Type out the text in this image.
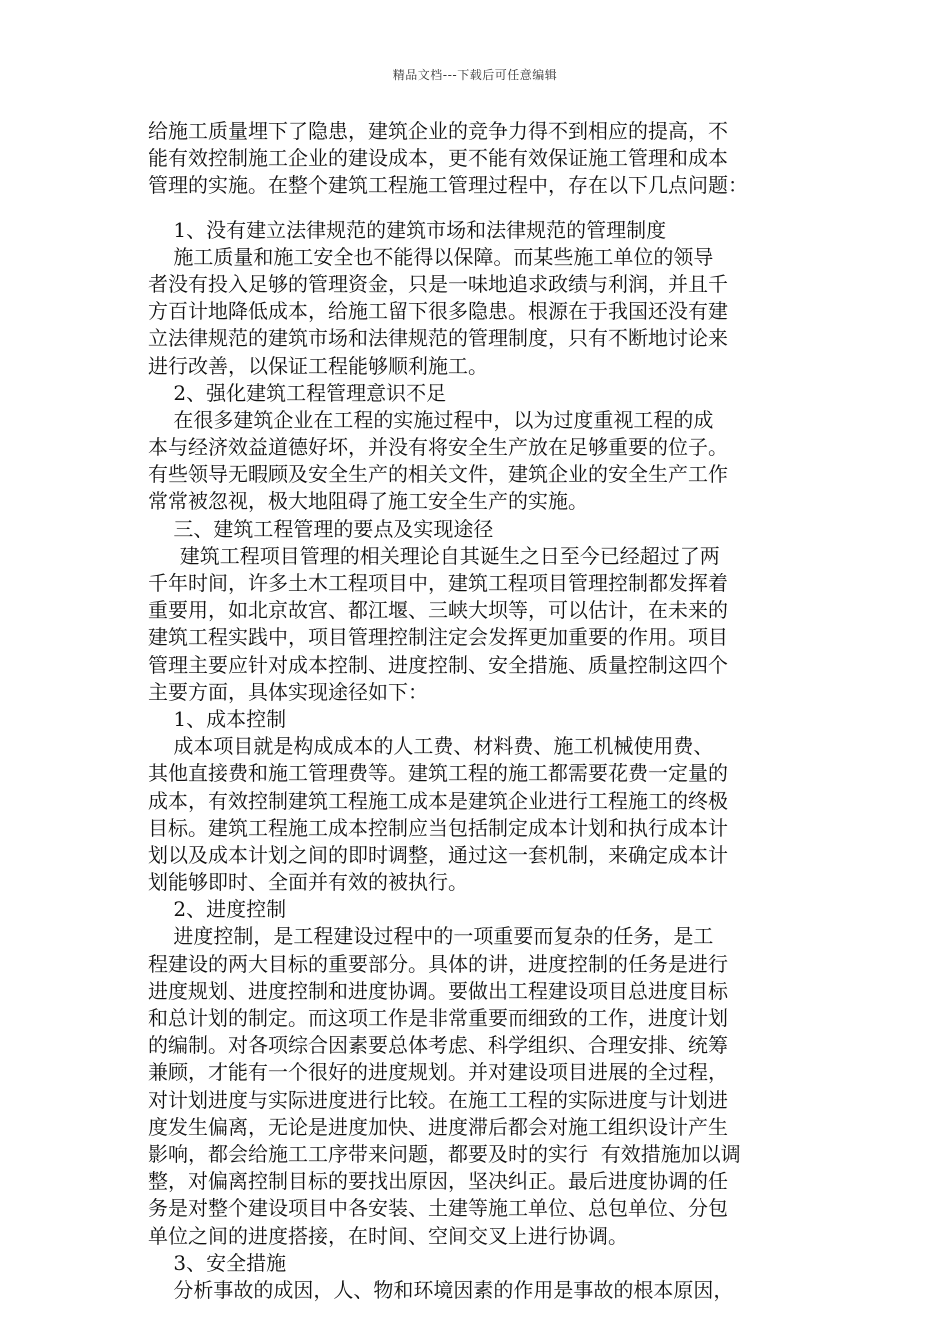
精品文档---下载后可任意编辑
给施工质量埋下了隐患，建筑企业的竞争力得不到相应的提高，不
能有效控制施工企业的建设成本，更不能有效保证施工管理和成本
管理的实施。在整个建筑工程施工管理过程中，存在以下几点问题：
1、没有建立法律规范的建筑市场和法律规范的管理制度
施工质量和施工安全也不能得以保障。而某些施工单位的领导
者没有投入足够的管理资金，只是一味地追求政绩与利润，并且千
方百计地降低成本，给施工留下很多隐患。根源在于我国还没有建
立法律规范的建筑市场和法律规范的管理制度，只有不断地讨论来
进行改善，以保证工程能够顺利施工。
2、强化建筑工程管理意识不足
在很多建筑企业在工程的实施过程中，以为过度重视工程的成
本与经济效益道德好坏，并没有将安全生产放在足够重要的位子。
有些领导无暇顾及安全生产的相关文件，建筑企业的安全生产工作
常常被忽视，极大地阻碍了施工安全生产的实施。
三、建筑工程管理的要点及实现途径
建筑工程项目管理的相关理论自其诞生之日至今已经超过了两
千年时间，许多土木工程项目中，建筑工程项目管理控制都发挥着
重要用，如北京故宫、都江堰、三峡大坝等，可以估计，在未来的
建筑工程实践中，项目管理控制注定会发挥更加重要的作用。项目
管理主要应针对成本控制、进度控制、安全措施、质量控制这四个
主要方面，具体实现途径如下：
1、成本控制
成本项目就是构成成本的人工费、材料费、施工机械使用费、
其他直接费和施工管理费等。建筑工程的施工都需要花费一定量的
成本，有效控制建筑工程施工成本是建筑企业进行工程施工的终极
目标。建筑工程施工成本控制应当包括制定成本计划和执行成本计
划以及成本计划之间的即时调整，通过这一套机制，来确定成本计
划能够即时、全面并有效的被执行。
2、进度控制
进度控制，是工程建设过程中的一项重要而复杂的任务，是工
程建设的两大目标的重要部分。具体的讲，进度控制的任务是进行
进度规划、进度控制和进度协调。要做出工程建设项目总进度目标
和总计划的制定。而这项工作是非常重要而细致的工作，进度计划
的编制。对各项综合因素要总体考虑、科学组织、合理安排、统筹
兼顾，才能有一个很好的进度规划。并对建设项目进展的全过程，
对计划进度与实际进度进行比较。在施工工程的实际进度与计划进
度发生偏离，无论是进度加快、进度滞后都会对施工组织设计产生
影响，都会给施工工序带来问题，都要及时的实行  有效措施加以调
整，对偏离控制目标的要找出原因，坚决纠正。最后进度协调的任
务是对整个建设项目中各安装、土建等施工单位、总包单位、分包
单位之间的进度搭接，在时间、空间交叉上进行协调。
3、安全措施
分析事故的成因，人、物和环境因素的作用是事故的根本原因，
